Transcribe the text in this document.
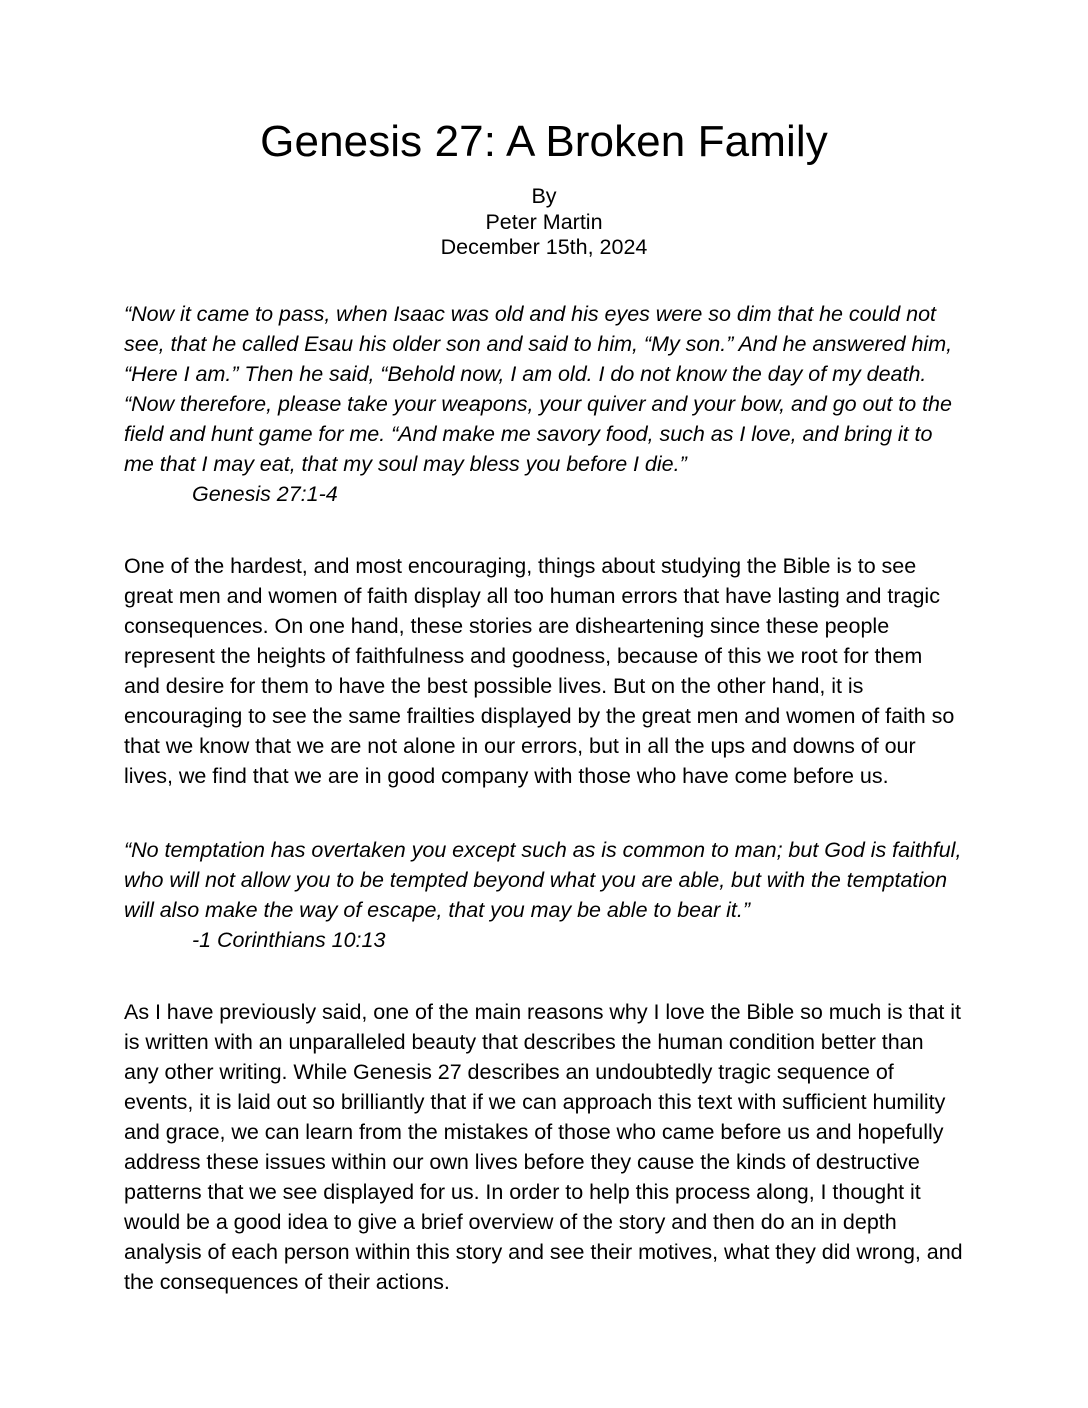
Genesis 27: A Broken Family
By
Peter Martin
December 15th, 2024

“Now it came to pass, when Isaac was old and his eyes were so dim that he could not see, that he called Esau his older son and said to him, “My son.” And he answered him, “Here I am.” Then he said, “Behold now, I am old. I do not know the day of my death. “Now therefore, please take your weapons, your quiver and your bow, and go out to the field and hunt game for me. “And make me savory food, such as I love, and bring it to me that I may eat, that my soul may bless you before I die.”

Genesis 27:1-4

One of the hardest, and most encouraging, things about studying the Bible is to see great men and women of faith display all too human errors that have lasting and tragic consequences. On one hand, these stories are disheartening since these people represent the heights of faithfulness and goodness, because of this we root for them and desire for them to have the best possible lives. But on the other hand, it is encouraging to see the same frailties displayed by the great men and women of faith so that we know that we are not alone in our errors, but in all the ups and downs of our lives, we find that we are in good company with those who have come before us.

“No temptation has overtaken you except such as is common to man; but God is faithful, who will not allow you to be tempted beyond what you are able, but with the temptation will also make the way of escape, that you may be able to bear it.”

-1 Corinthians 10:13

As I have previously said, one of the main reasons why I love the Bible so much is that it is written with an unparalleled beauty that describes the human condition better than any other writing. While Genesis 27 describes an undoubtedly tragic sequence of events, it is laid out so brilliantly that if we can approach this text with sufficient humility and grace, we can learn from the mistakes of those who came before us and hopefully address these issues within our own lives before they cause the kinds of destructive patterns that we see displayed for us. In order to help this process along, I thought it would be a good idea to give a brief overview of the story and then do an in depth analysis of each person within this story and see their motives, what they did wrong, and the consequences of their actions.
